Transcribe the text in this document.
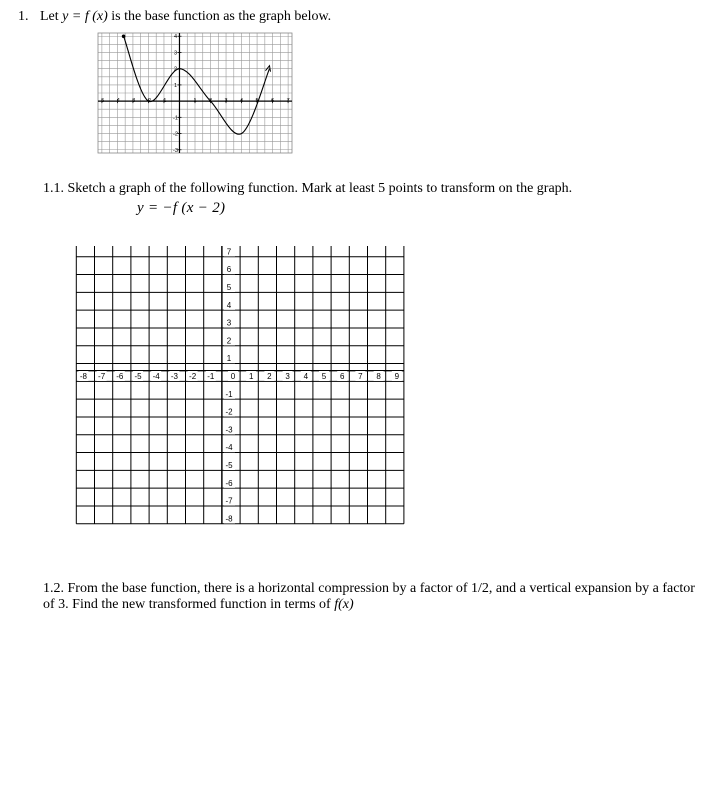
1. Let y = f (x) is the base function as the graph below.
-5 -4 -3 -2 -1	1 2 3 4 5 6 7
4
3
2
1
-1
-2
-3
1.1. Sketch a graph of the following function. Mark at least 5 points to transform on the graph.
y = −f (x − 2)
-8 -7 -6 -5 -4 -3 -2 -1 0 1 2 3 4 5 6 7 8 9
7
6
5
4
3
2
1
-1
-2
-3
-4
-5
-6
-7
-8
1.2. From the base function, there is a horizontal compression by a factor of 1/2, and a vertical expansion by a factor of 3. Find the new transformed function in terms of f(x)
